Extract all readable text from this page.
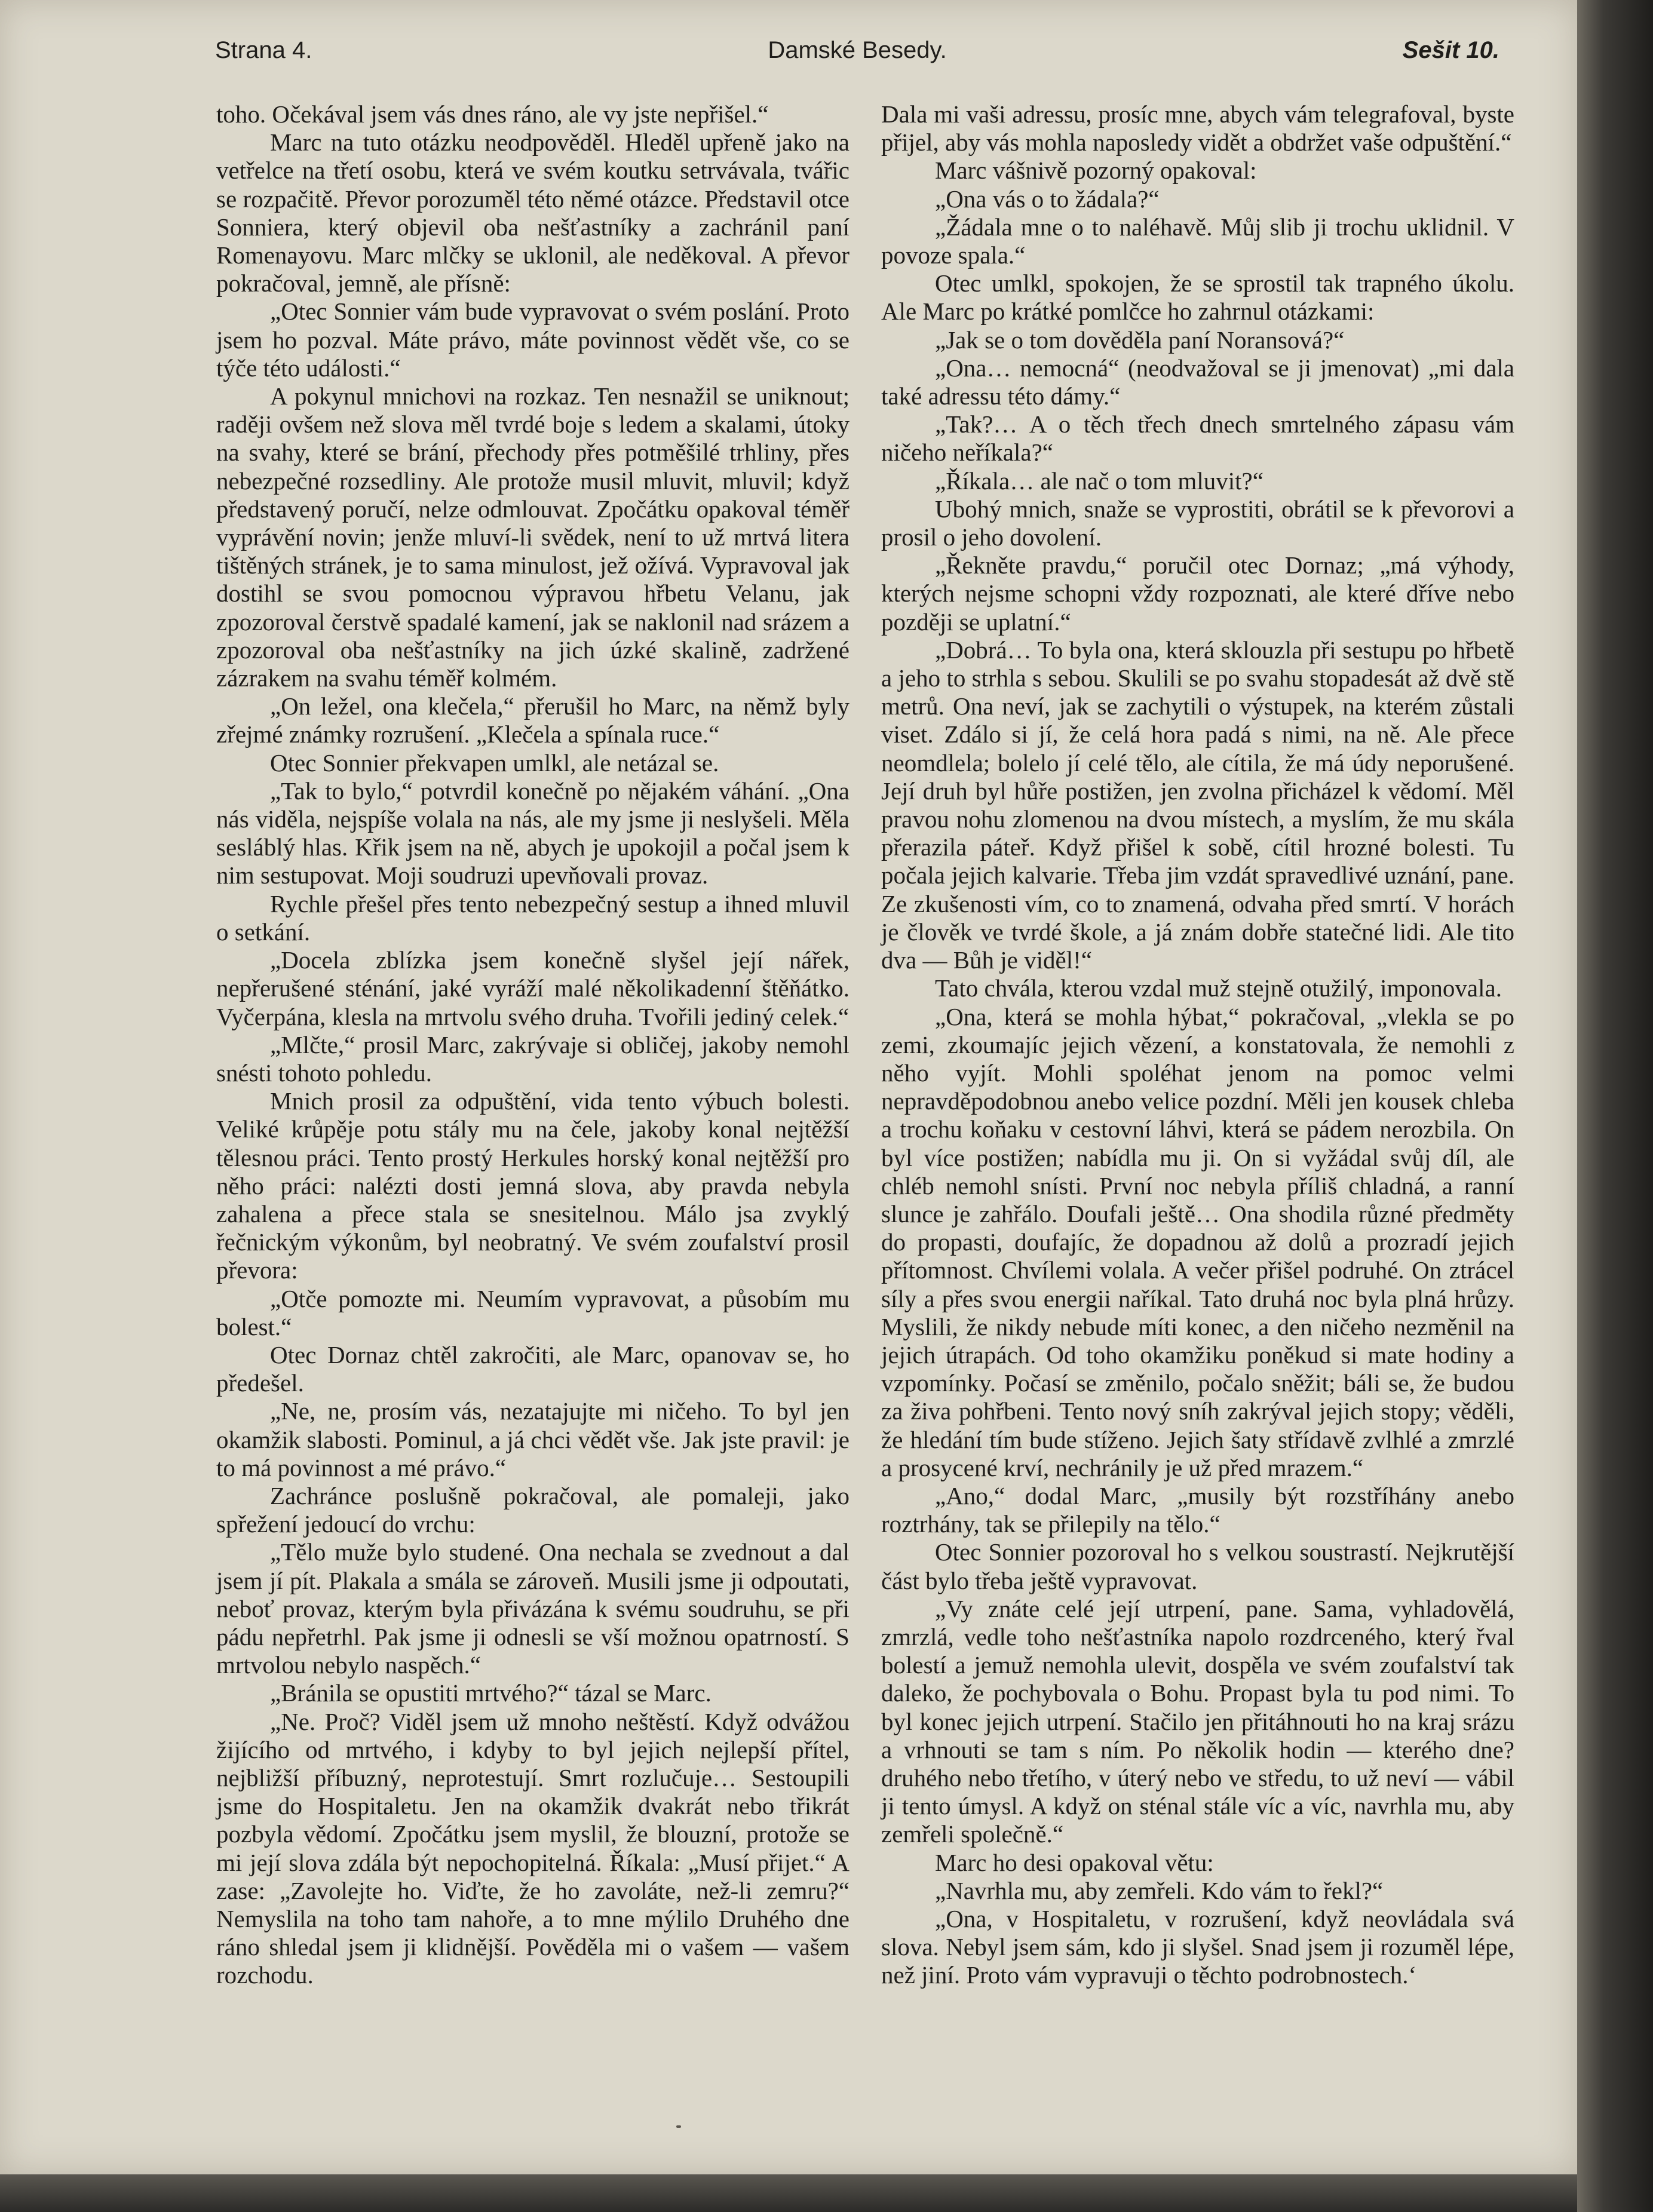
Strana 4.	Damské Besedy.	Sešit 10.

toho. Očekával jsem vás dnes ráno, ale vy jste nepřišel.“

Marc na tuto otázku neodpověděl. Hleděl upřeně jako na vetřelce na třetí osobu, která ve svém koutku setrvávala, tvářic se rozpačitě. Převor porozuměl této němé otázce. Představil otce Sonniera, který objevil oba nešťastníky a zachránil paní Romenayovu. Marc mlčky se uklonil, ale neděkoval. A převor pokračoval, jemně, ale přísně:

„Otec Sonnier vám bude vypravovat o svém poslání. Proto jsem ho pozval. Máte právo, máte povinnost vědět vše, co se týče této události.“

A pokynul mnichovi na rozkaz. Ten nesnažil se uniknout; raději ovšem než slova měl tvrdé boje s ledem a skalami, útoky na svahy, které se brání, přechody přes potměšilé trhliny, přes nebezpečné rozsedliny. Ale protože musil mluvit, mluvil; když představený poručí, nelze odmlouvat. Zpočátku opakoval téměř vyprávění novin; jenže mluví-li svědek, není to už mrtvá litera tištěných stránek, je to sama minulost, jež ožívá. Vypravoval jak dostihl se svou pomocnou výpravou hřbetu Velanu, jak zpozoroval čerstvě spadalé kamení, jak se naklonil nad srázem a zpozoroval oba nešťastníky na jich úzké skalině, zadržené zázrakem na svahu téměř kolmém.

„On ležel, ona klečela,“ přerušil ho Marc, na němž byly zřejmé známky rozrušení. „Klečela a spínala ruce.“

Otec Sonnier překvapen umlkl, ale netázal se.

„Tak to bylo,“ potvrdil konečně po nějakém váhání. „Ona nás viděla, nejspíše volala na nás, ale my jsme ji neslyšeli. Měla sesláblý hlas. Křik jsem na ně, abych je upokojil a počal jsem k nim sestupovat. Moji soudruzi upevňovali provaz.

Rychle přešel přes tento nebezpečný sestup a ihned mluvil o setkání.

„Docela zblízka jsem konečně slyšel její nářek, nepřerušené sténání, jaké vyráží malé několikadenní štěňátko. Vyčerpána, klesla na mrtvolu svého druha. Tvořili jediný celek.“

„Mlčte,“ prosil Marc, zakrývaje si obličej, jakoby nemohl snésti tohoto pohledu.

Mnich prosil za odpuštění, vida tento výbuch bolesti. Veliké krůpěje potu stály mu na čele, jakoby konal nejtěžší tělesnou práci. Tento prostý Herkules horský konal nejtěžší pro něho práci: nalézti dosti jemná slova, aby pravda nebyla zahalena a přece stala se snesitelnou. Málo jsa zvyklý řečnickým výkonům, byl neobratný. Ve svém zoufalství prosil převora:

„Otče pomozte mi. Neumím vypravovat, a působím mu bolest.“

Otec Dornaz chtěl zakročiti, ale Marc, opanovav se, ho předešel.

„Ne, ne, prosím vás, nezatajujte mi ničeho. To byl jen okamžik slabosti. Pominul, a já chci vědět vše. Jak jste pravil: je to má povinnost a mé právo.“

Zachránce poslušně pokračoval, ale pomaleji, jako spřežení jedoucí do vrchu:

„Tělo muže bylo studené. Ona nechala se zvednout a dal jsem jí pít. Plakala a smála se zároveň. Musili jsme ji odpoutati, neboť provaz, kterým byla přivázána k svému soudruhu, se při pádu nepřetrhl. Pak jsme ji odnesli se vší možnou opatrností. S mrtvolou nebylo naspěch.“

„Bránila se opustiti mrtvého?“ tázal se Marc.

„Ne. Proč? Viděl jsem už mnoho neštěstí. Když odvážou žijícího od mrtvého, i kdyby to byl jejich nejlepší přítel, nejbližší příbuzný, neprotestují. Smrt rozlučuje… Sestoupili jsme do Hospitaletu. Jen na okamžik dvakrát nebo třikrát pozbyla vědomí. Zpočátku jsem myslil, že blouzní, protože se mi její slova zdála být nepochopitelná. Říkala: „Musí přijet.“ A zase: „Zavolejte ho. Viďte, že ho zavoláte, než-li zemru?“ Nemyslila na toho tam nahoře, a to mne mýlilo Druhého dne ráno shledal jsem ji klidnější. Pověděla mi o vašem — vašem rozchodu.

Dala mi vaši adressu, prosíc mne, abych vám telegrafoval, byste přijel, aby vás mohla naposledy vidět a obdržet vaše odpuštění.“

Marc vášnivě pozorný opakoval:

„Ona vás o to žádala?“

„Žádala mne o to naléhavě. Můj slib ji trochu uklidnil. V povoze spala.“

Otec umlkl, spokojen, že se sprostil tak trapného úkolu. Ale Marc po krátké pomlčce ho zahrnul otázkami:

„Jak se o tom dověděla paní Noransová?“

„Ona… nemocná“ (neodvažoval se ji jmenovat) „mi dala také adressu této dámy.“

„Tak?… A o těch třech dnech smrtelného zápasu vám ničeho neříkala?“

„Říkala… ale nač o tom mluvit?“

Ubohý mnich, snaže se vyprostiti, obrátil se k převorovi a prosil o jeho dovolení.

„Řekněte pravdu,“ poručil otec Dornaz; „má výhody, kterých nejsme schopni vždy rozpoznati, ale které dříve nebo později se uplatní.“

„Dobrá… To byla ona, která sklouzla při sestupu po hřbetě a jeho to strhla s sebou. Skulili se po svahu stopadesát až dvě stě metrů. Ona neví, jak se zachytili o výstupek, na kterém zůstali viset. Zdálo si jí, že celá hora padá s nimi, na ně. Ale přece neomdlela; bolelo jí celé tělo, ale cítila, že má údy neporušené. Její druh byl hůře postižen, jen zvolna přicházel k vědomí. Měl pravou nohu zlomenou na dvou místech, a myslím, že mu skála přerazila páteř. Když přišel k sobě, cítil hrozné bolesti. Tu počala jejich kalvarie. Třeba jim vzdát spravedlivé uznání, pane. Ze zkušenosti vím, co to znamená, odvaha před smrtí. V horách je člověk ve tvrdé škole, a já znám dobře statečné lidi. Ale tito dva — Bůh je viděl!“

Tato chvála, kterou vzdal muž stejně otužilý, imponovala.

„Ona, která se mohla hýbat,“ pokračoval, „vlekla se po zemi, zkoumajíc jejich vězení, a konstatovala, že nemohli z něho vyjít. Mohli spoléhat jenom na pomoc velmi nepravděpodobnou anebo velice pozdní. Měli jen kousek chleba a trochu koňaku v cestovní láhvi, která se pádem nerozbila. On byl více postižen; nabídla mu ji. On si vyžádal svůj díl, ale chléb nemohl snísti. První noc nebyla příliš chladná, a ranní slunce je zahřálo. Doufali ještě… Ona shodila různé předměty do propasti, doufajíc, že dopadnou až dolů a prozradí jejich přítomnost. Chvílemi volala. A večer přišel podruhé. On ztrácel síly a přes svou energii naříkal. Tato druhá noc byla plná hrůzy. Myslili, že nikdy nebude míti konec, a den ničeho nezměnil na jejich útrapách. Od toho okamžiku poněkud si mate hodiny a vzpomínky. Počasí se změnilo, počalo sněžit; báli se, že budou za živa pohřbeni. Tento nový sníh zakrýval jejich stopy; věděli, že hledání tím bude stíženo. Jejich šaty střídavě zvlhlé a zmrzlé a prosycené krví, nechránily je už před mrazem.“

„Ano,“ dodal Marc, „musily být rozstříhány anebo roztrhány, tak se přilepily na tělo.“

Otec Sonnier pozoroval ho s velkou soustrastí. Nejkrutější část bylo třeba ještě vypravovat.

„Vy znáte celé její utrpení, pane. Sama, vyhladovělá, zmrzlá, vedle toho nešťastníka napolo rozdrceného, který řval bolestí a jemuž nemohla ulevit, dospěla ve svém zoufalství tak daleko, že pochybovala o Bohu. Propast byla tu pod nimi. To byl konec jejich utrpení. Stačilo jen přitáhnouti ho na kraj srázu a vrhnouti se tam s ním. Po několik hodin — kterého dne? druhého nebo třetího, v úterý nebo ve středu, to už neví — vábil ji tento úmysl. A když on sténal stále víc a víc, navrhla mu, aby zemřeli společně.“

Marc ho desi opakoval větu:

„Navrhla mu, aby zemřeli. Kdo vám to řekl?“

„Ona, v Hospitaletu, v rozrušení, když neovládala svá slova. Nebyl jsem sám, kdo ji slyšel. Snad jsem ji rozuměl lépe, než jiní. Proto vám vypravuji o těchto podrobnostech.‘
